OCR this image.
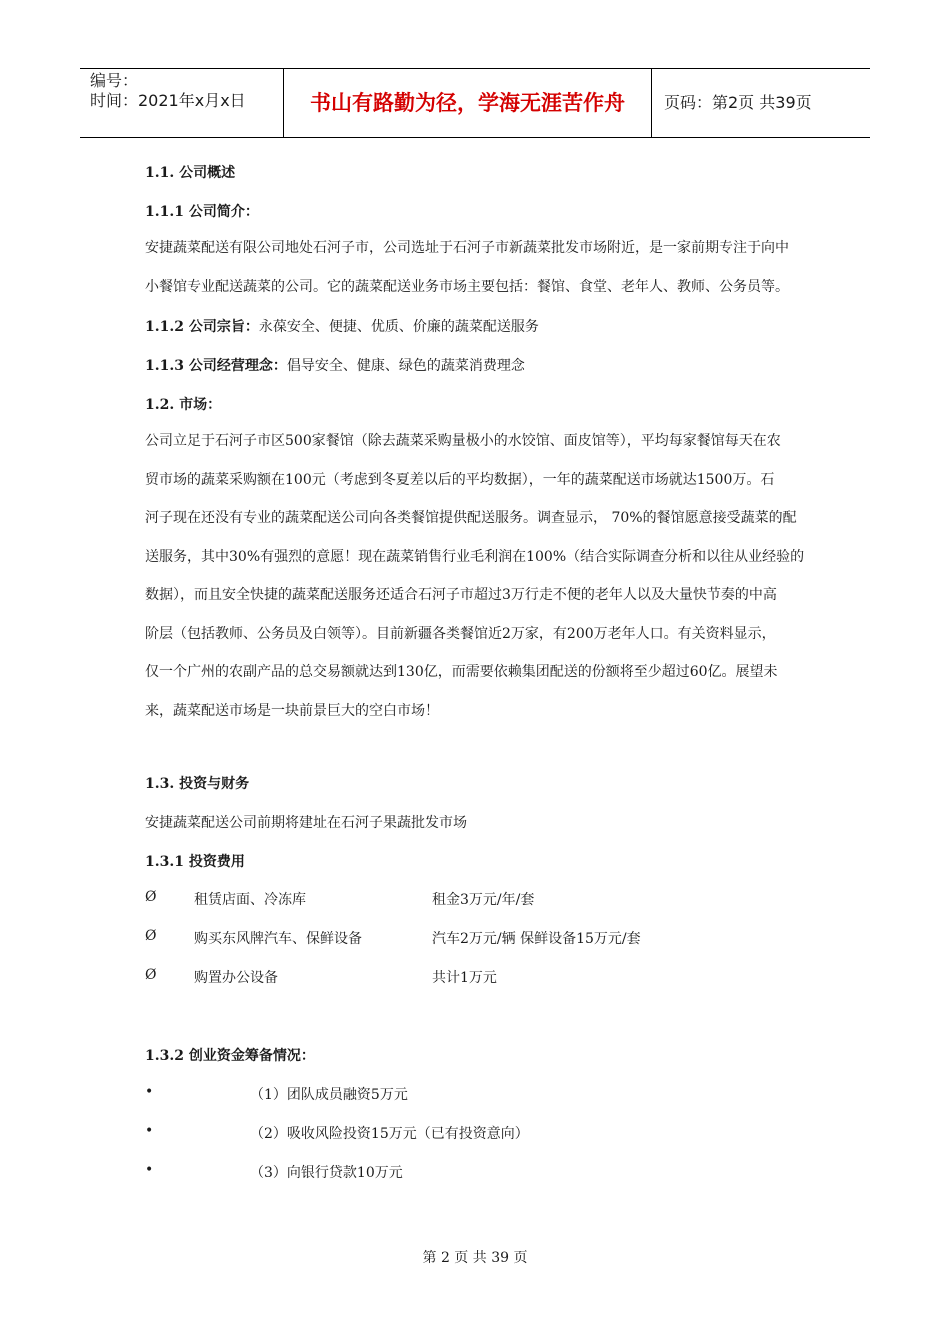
编号：
时间：2021年x月x日	书山有路勤为径，学海无涯苦作舟	页码：第2页 共39页
1.1. 公司概述
1.1.1 公司简介：
安捷蔬菜配送有限公司地处石河子市，公司选址于石河子市新蔬菜批发市场附近，是一家前期专注于向中
小餐馆专业配送蔬菜的公司。它的蔬菜配送业务市场主要包括：餐馆、食堂、老年人、教师、公务员等。
1.1.2 公司宗旨：永葆安全、便捷、优质、价廉的蔬菜配送服务
1.1.3 公司经营理念：倡导安全、健康、绿色的蔬菜消费理念
1.2. 市场：
公司立足于石河子市区500家餐馆（除去蔬菜采购量极小的水饺馆、面皮馆等），平均每家餐馆每天在农
贸市场的蔬菜采购额在100元（考虑到冬夏差以后的平均数据），一年的蔬菜配送市场就达1500万。石
河子现在还没有专业的蔬菜配送公司向各类餐馆提供配送服务。调查显示， 70%的餐馆愿意接受蔬菜的配
送服务，其中30%有强烈的意愿！现在蔬菜销售行业毛利润在100%（结合实际调查分析和以往从业经验的
数据），而且安全快捷的蔬菜配送服务还适合石河子市超过3万行走不便的老年人以及大量快节奏的中高
阶层（包括教师、公务员及白领等）。目前新疆各类餐馆近2万家，有200万老年人口。有关资料显示，
仅一个广州的农副产品的总交易额就达到130亿，而需要依赖集团配送的份额将至少超过60亿。展望未
来，蔬菜配送市场是一块前景巨大的空白市场！
1.3. 投资与财务
安捷蔬菜配送公司前期将建址在石河子果蔬批发市场
1.3.1 投资费用
Ø	租赁店面、冷冻库	租金3万元/年/套
Ø	购买东风牌汽车、保鲜设备	汽车2万元/辆 保鲜设备15万元/套
Ø	购置办公设备	共计1万元
1.3.2 创业资金筹备情况：
•	（1）团队成员融资5万元
•	（2）吸收风险投资15万元（已有投资意向）
•	（3）向银行贷款10万元
第 2 页 共 39 页
